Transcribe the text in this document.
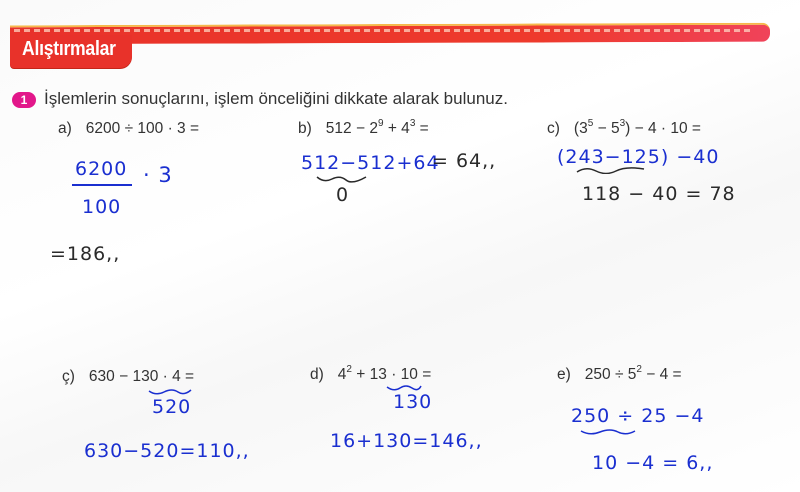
Alıştırmalar
1 İşlemlerin sonuçlarını, işlem önceliğini dikkate alarak bulunuz.
a) 6200 ÷ 100 · 3 =
6200 · 3
100
=186,,
b) $512 - 2^9 + 4^3$ =
512−512+64
= 64,,
0
c) $(3^5 - 5^3) - 4 \cdot 10$ =
(243−125) −40
118 − 40 = 78
ç) 630 − 130 · 4 =
520
630−520=110,,
d) $4^2 + 13 \cdot 10$ =
130
16+130=146,,
e) $250 \div 5^2 - 4$ =
250 ÷ 25 −4
10 −4 = 6,,
